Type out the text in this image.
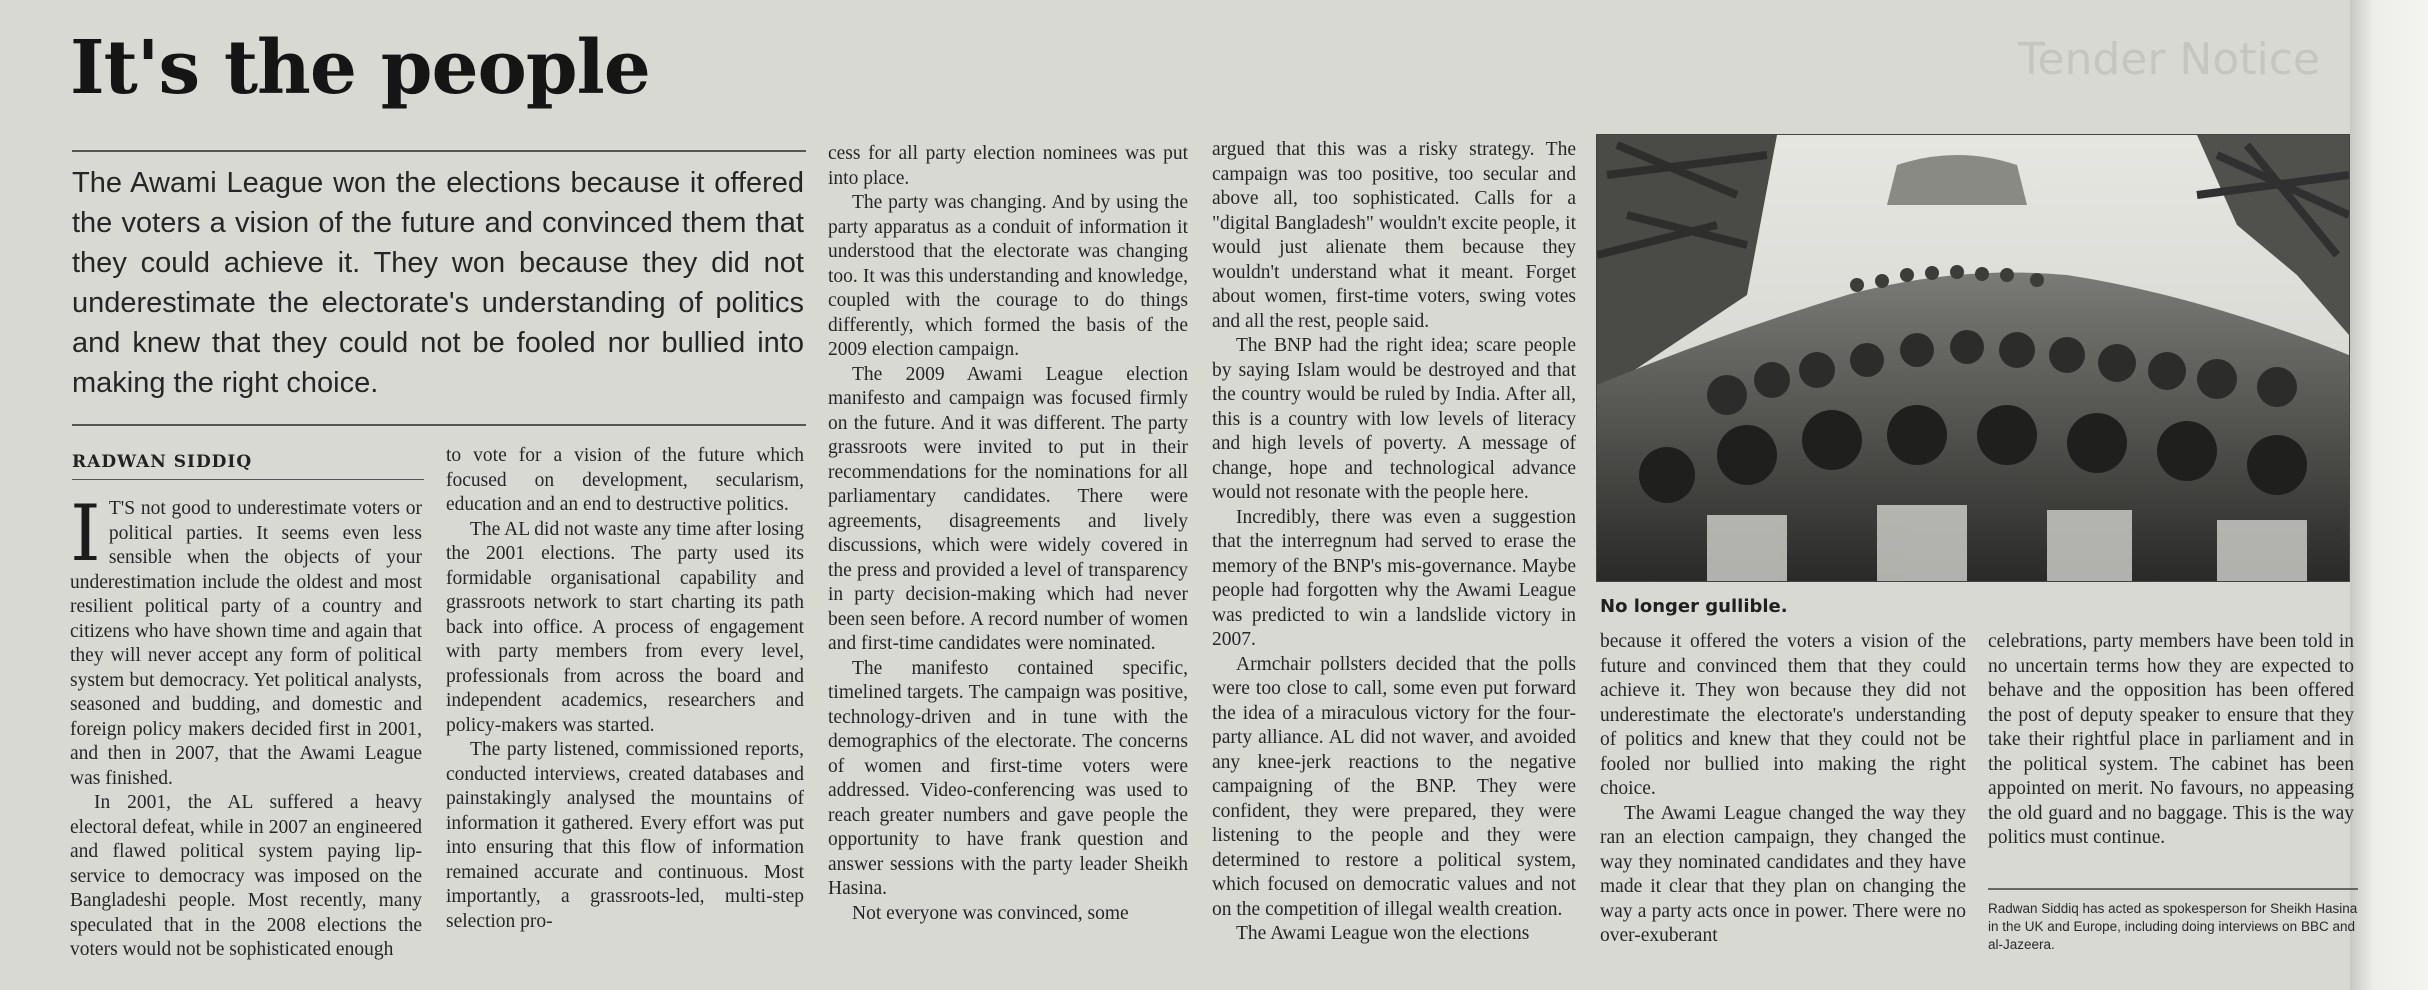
Tender Notice
It's the people

The Awami League won the elections because it offered the voters a vision of the future and convinced them that they could achieve it. They won because they did not underestimate the electorate's understanding of politics and knew that they could not be fooled nor bullied into making the right choice.

RADWAN SIDDIQ

I T'S not good to underestimate voters or political parties. It seems even less sensible when the objects of your underestimation include the oldest and most resilient political party of a country and citizens who have shown time and again that they will never accept any form of political system but democracy. Yet political analysts, seasoned and budding, and domestic and foreign policy makers decided first in 2001, and then in 2007, that the Awami League was finished.

In 2001, the AL suffered a heavy electoral defeat, while in 2007 an engineered and flawed political system paying lip-service to democracy was imposed on the Bangladeshi people. Most recently, many speculated that in the 2008 elections the voters would not be sophisticated enough

to vote for a vision of the future which focused on development, secularism, education and an end to destructive politics.

The AL did not waste any time after losing the 2001 elections. The party used its formidable organisational capability and grassroots network to start charting its path back into office. A process of engagement with party members from every level, professionals from across the board and independent academics, researchers and policy-makers was started.

The party listened, commissioned reports, conducted interviews, created databases and painstakingly analysed the mountains of information it gathered. Every effort was put into ensuring that this flow of information remained accurate and continuous. Most importantly, a grassroots-led, multi-step selection pro-

cess for all party election nominees was put into place.

The party was changing. And by using the party apparatus as a conduit of information it understood that the electorate was changing too. It was this understanding and knowledge, coupled with the courage to do things differently, which formed the basis of the 2009 election campaign.

The 2009 Awami League election manifesto and campaign was focused firmly on the future. And it was different. The party grassroots were invited to put in their recommendations for the nominations for all parliamentary candidates. There were agreements, disagreements and lively discussions, which were widely covered in the press and provided a level of transparency in party decision-making which had never been seen before. A record number of women and first-time candidates were nominated.

The manifesto contained specific, timelined targets. The campaign was positive, technology-driven and in tune with the demographics of the electorate. The concerns of women and first-time voters were addressed. Video-conferencing was used to reach greater numbers and gave people the opportunity to have frank question and answer sessions with the party leader Sheikh Hasina.

Not everyone was convinced, some

argued that this was a risky strategy. The campaign was too positive, too secular and above all, too sophisticated. Calls for a "digital Bangladesh" wouldn't excite people, it would just alienate them because they wouldn't understand what it meant. Forget about women, first-time voters, swing votes and all the rest, people said.

The BNP had the right idea; scare people by saying Islam would be destroyed and that the country would be ruled by India. After all, this is a country with low levels of literacy and high levels of poverty. A message of change, hope and technological advance would not resonate with the people here.

Incredibly, there was even a suggestion that the interregnum had served to erase the memory of the BNP's mis-governance. Maybe people had forgotten why the Awami League was predicted to win a landslide victory in 2007.

Armchair pollsters decided that the polls were too close to call, some even put forward the idea of a miraculous victory for the four-party alliance. AL did not waver, and avoided any knee-jerk reactions to the negative campaigning of the BNP. They were confident, they were prepared, they were listening to the people and they were determined to restore a political system, which focused on democratic values and not on the competition of illegal wealth creation.

The Awami League won the elections

AFP

No longer gullible.

because it offered the voters a vision of the future and convinced them that they could achieve it. They won because they did not underestimate the electorate's understanding of politics and knew that they could not be fooled nor bullied into making the right choice.

The Awami League changed the way they ran an election campaign, they changed the way they nominated candidates and they have made it clear that they plan on changing the way a party acts once in power. There were no over-exuberant

celebrations, party members have been told in no uncertain terms how they are expected to behave and the opposition has been offered the post of deputy speaker to ensure that they take their rightful place in parliament and in the political system. The cabinet has been appointed on merit. No favours, no appeasing the old guard and no baggage. This is the way politics must continue.

Radwan Siddiq has acted as spokesperson for Sheikh Hasina in the UK and Europe, including doing interviews on BBC and al-Jazeera.
